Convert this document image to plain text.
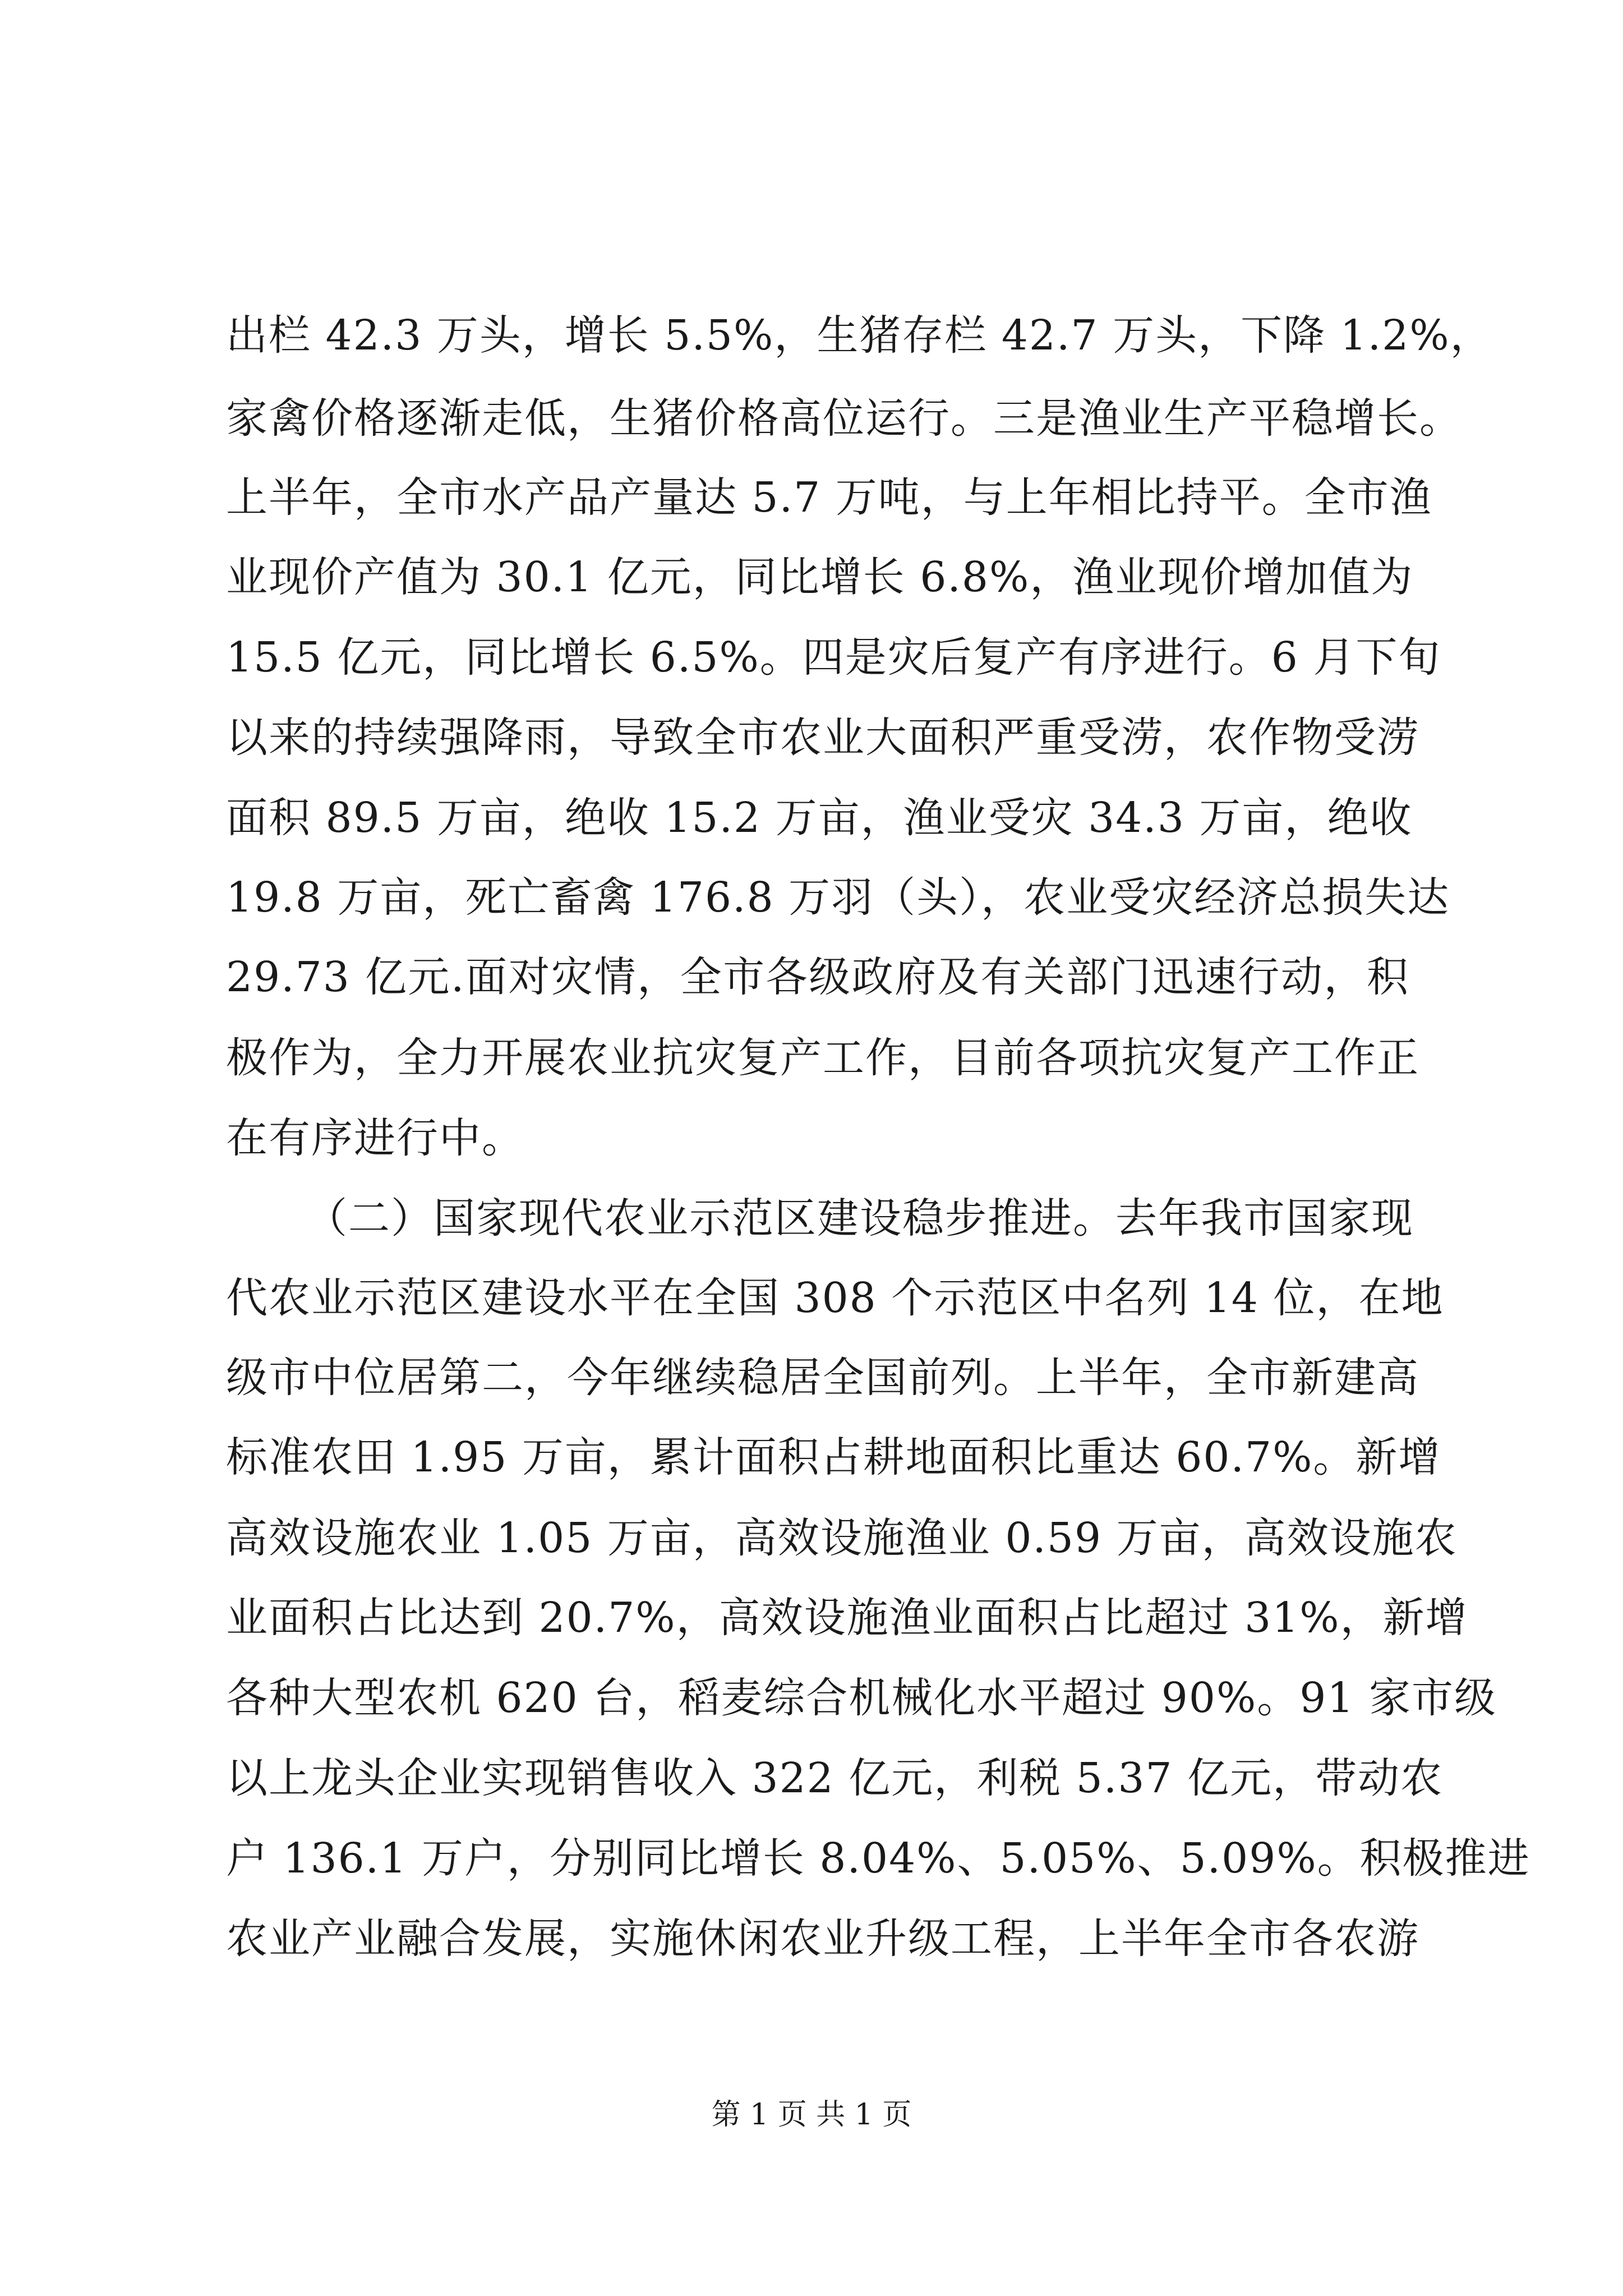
出栏 42.3 万头，增长 5.5%，生猪存栏 42.7 万头，下降 1.2%，
家禽价格逐渐走低，生猪价格高位运行。三是渔业生产平稳增长。
上半年，全市水产品产量达 5.7 万吨，与上年相比持平。全市渔
业现价产值为 30.1 亿元，同比增长 6.8%，渔业现价增加值为
15.5 亿元，同比增长 6.5%。四是灾后复产有序进行。6 月下旬
以来的持续强降雨，导致全市农业大面积严重受涝，农作物受涝
面积 89.5 万亩，绝收 15.2 万亩，渔业受灾 34.3 万亩，绝收
19.8 万亩，死亡畜禽 176.8 万羽（头），农业受灾经济总损失达
29.73 亿元.面对灾情，全市各级政府及有关部门迅速行动，积
极作为，全力开展农业抗灾复产工作，目前各项抗灾复产工作正
在有序进行中。
（二）国家现代农业示范区建设稳步推进。去年我市国家现
代农业示范区建设水平在全国 308 个示范区中名列 14 位，在地
级市中位居第二，今年继续稳居全国前列。上半年，全市新建高
标准农田 1.95 万亩，累计面积占耕地面积比重达 60.7%。新增
高效设施农业 1.05 万亩，高效设施渔业 0.59 万亩，高效设施农
业面积占比达到 20.7%，高效设施渔业面积占比超过 31%，新增
各种大型农机 620 台，稻麦综合机械化水平超过 90%。91 家市级
以上龙头企业实现销售收入 322 亿元，利税 5.37 亿元，带动农
户 136.1 万户，分别同比增长 8.04%、5.05%、5.09%。积极推进
农业产业融合发展，实施休闲农业升级工程，上半年全市各农游
第 1 页 共 1 页
